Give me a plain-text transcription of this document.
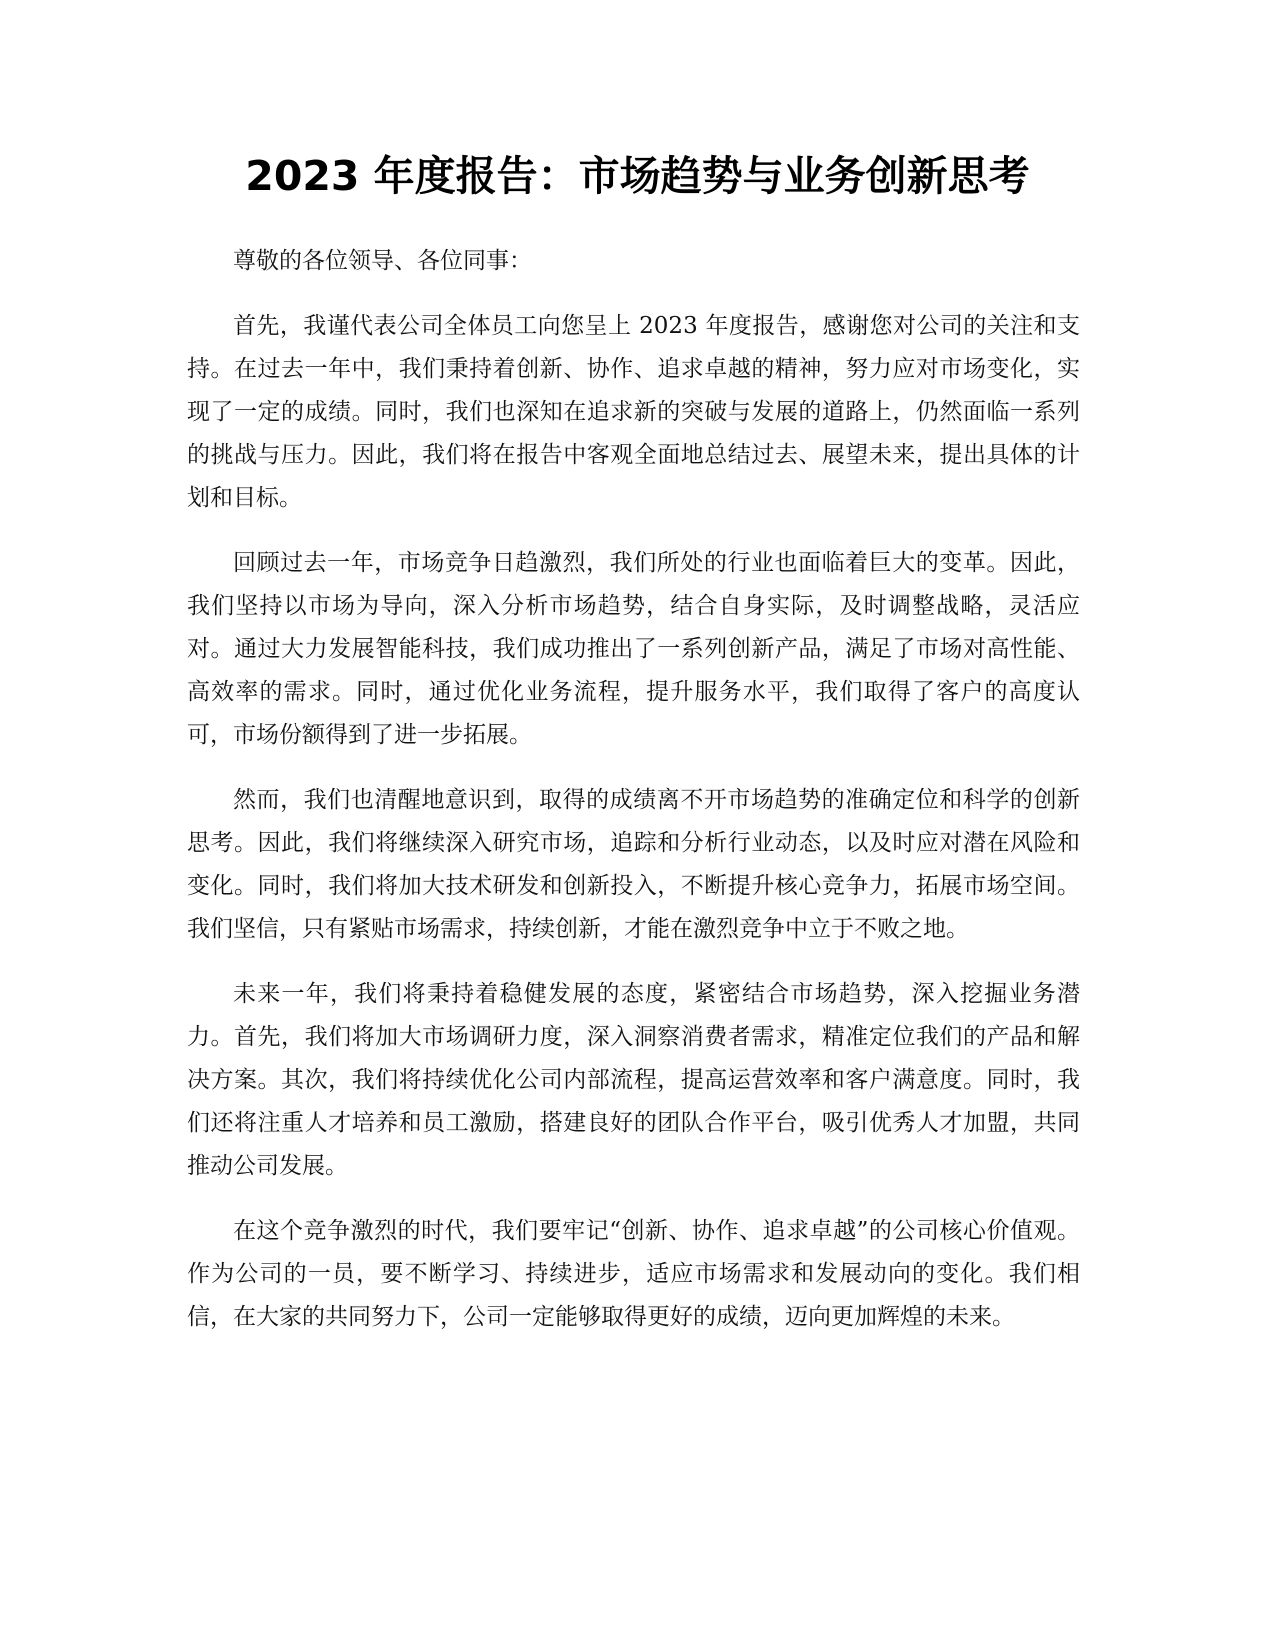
2023 年度报告：市场趋势与业务创新思考

尊敬的各位领导、各位同事：

首先，我谨代表公司全体员工向您呈上 2023 年度报告，感谢您对公司的关注和支持。在过去一年中，我们秉持着创新、协作、追求卓越的精神，努力应对市场变化，实现了一定的成绩。同时，我们也深知在追求新的突破与发展的道路上，仍然面临一系列的挑战与压力。因此，我们将在报告中客观全面地总结过去、展望未来，提出具体的计划和目标。

回顾过去一年，市场竞争日趋激烈，我们所处的行业也面临着巨大的变革。因此，我们坚持以市场为导向，深入分析市场趋势，结合自身实际，及时调整战略，灵活应对。通过大力发展智能科技，我们成功推出了一系列创新产品，满足了市场对高性能、高效率的需求。同时，通过优化业务流程，提升服务水平，我们取得了客户的高度认可，市场份额得到了进一步拓展。

然而，我们也清醒地意识到，取得的成绩离不开市场趋势的准确定位和科学的创新思考。因此，我们将继续深入研究市场，追踪和分析行业动态，以及时应对潜在风险和变化。同时，我们将加大技术研发和创新投入，不断提升核心竞争力，拓展市场空间。我们坚信，只有紧贴市场需求，持续创新，才能在激烈竞争中立于不败之地。

未来一年，我们将秉持着稳健发展的态度，紧密结合市场趋势，深入挖掘业务潜力。首先，我们将加大市场调研力度，深入洞察消费者需求，精准定位我们的产品和解决方案。其次，我们将持续优化公司内部流程，提高运营效率和客户满意度。同时，我们还将注重人才培养和员工激励，搭建良好的团队合作平台，吸引优秀人才加盟，共同推动公司发展。

在这个竞争激烈的时代，我们要牢记“创新、协作、追求卓越”的公司核心价值观。作为公司的一员，要不断学习、持续进步，适应市场需求和发展动向的变化。我们相信，在大家的共同努力下，公司一定能够取得更好的成绩，迈向更加辉煌的未来。
